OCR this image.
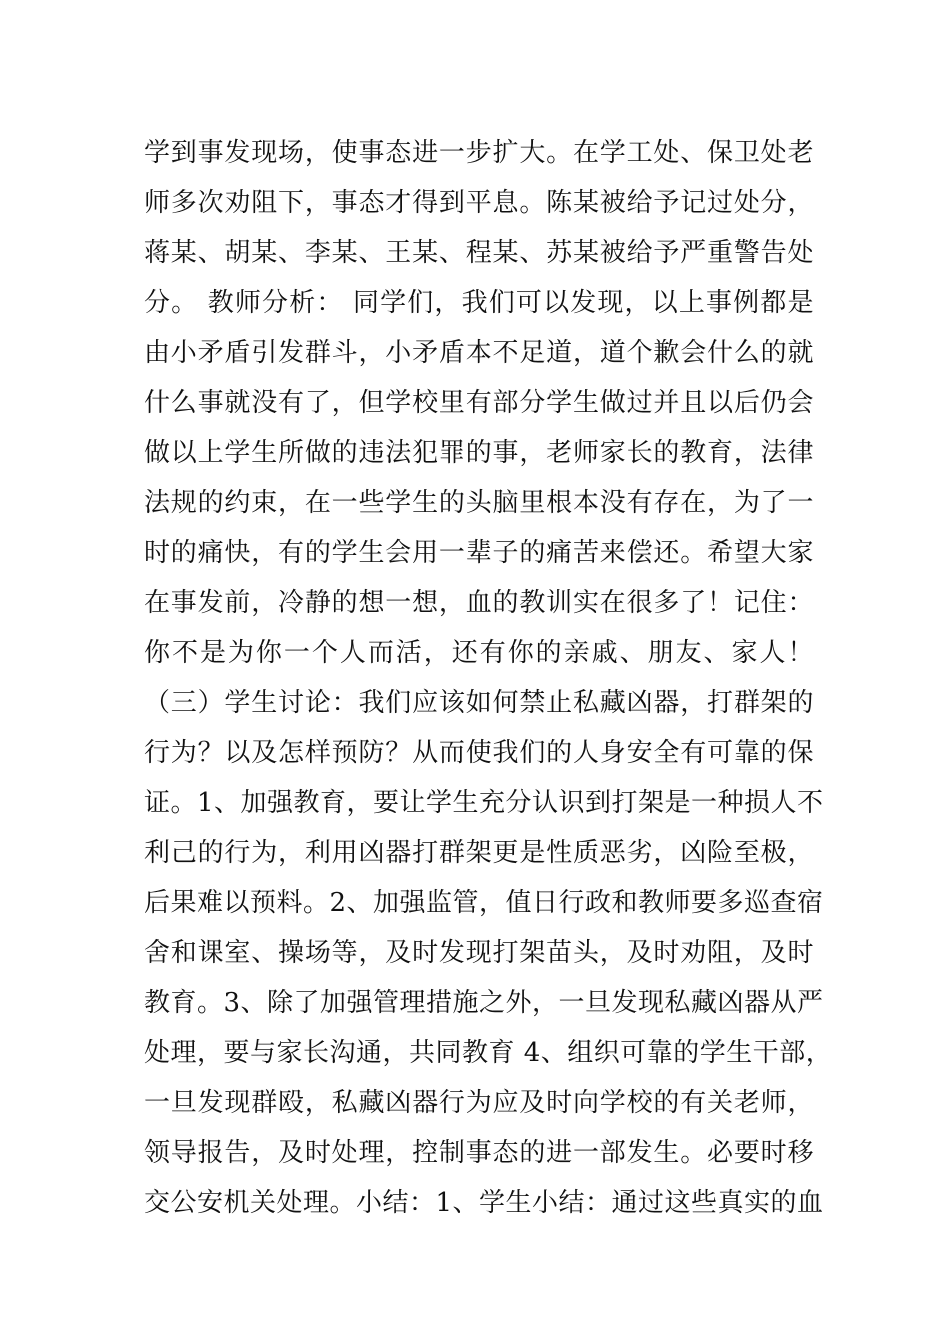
学到事发现场，使事态进一步扩大。在学工处、保卫处老
师多次劝阻下，事态才得到平息。陈某被给予记过处分，
蒋某、胡某、李某、王某、程某、苏某被给予严重警告处
分。 教师分析： 同学们，我们可以发现，以上事例都是
由小矛盾引发群斗，小矛盾本不足道，道个歉会什么的就
什么事就没有了，但学校里有部分学生做过并且以后仍会
做以上学生所做的违法犯罪的事，老师家长的教育，法律
法规的约束，在一些学生的头脑里根本没有存在，为了一
时的痛快，有的学生会用一辈子的痛苦来偿还。希望大家
在事发前，冷静的想一想，血的教训实在很多了！记住：
你不是为你一个人而活，还有你的亲戚、朋友、家人！
（三）学生讨论：我们应该如何禁止私藏凶器，打群架的
行为？以及怎样预防？从而使我们的人身安全有可靠的保
证。1、加强教育，要让学生充分认识到打架是一种损人不
利己的行为，利用凶器打群架更是性质恶劣，凶险至极，
后果难以预料。2、加强监管，值日行政和教师要多巡查宿
舍和课室、操场等，及时发现打架苗头，及时劝阻，及时
教育。3、除了加强管理措施之外，一旦发现私藏凶器从严
处理，要与家长沟通，共同教育 4、组织可靠的学生干部，
一旦发现群殴，私藏凶器行为应及时向学校的有关老师，
领导报告，及时处理，控制事态的进一部发生。必要时移
交公安机关处理。小结：1、学生小结：通过这些真实的血
